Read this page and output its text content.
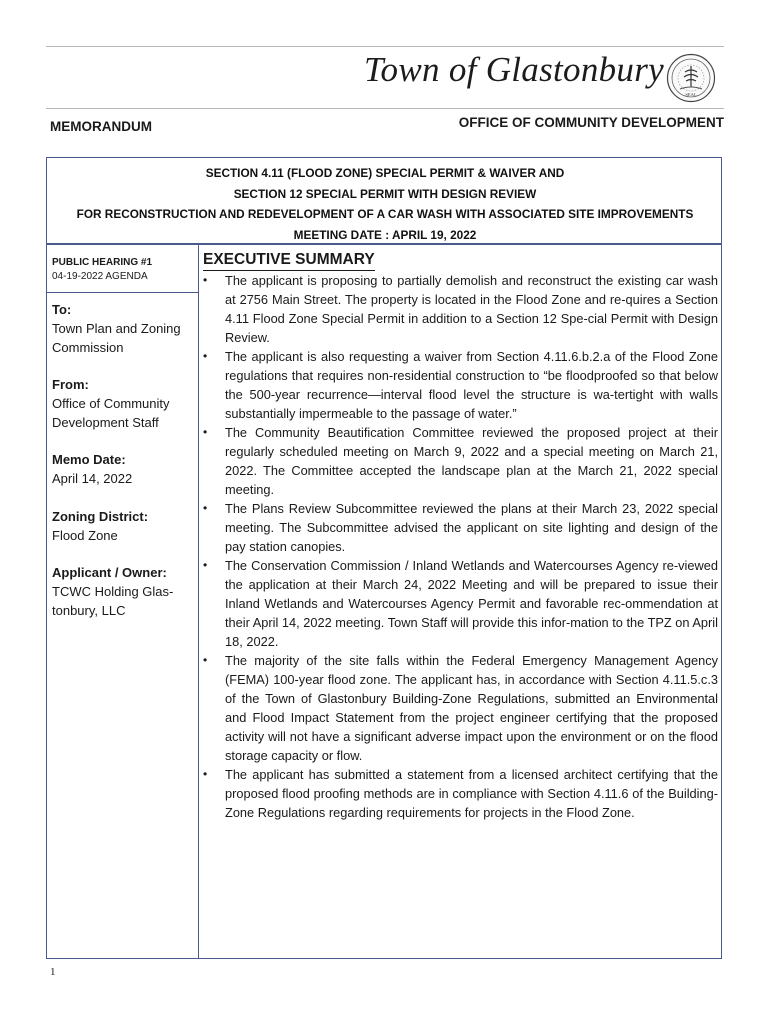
Town of Glastonbury
SEAL
MEMORANDUM	OFFICE OF COMMUNITY DEVELOPMENT
SECTION 4.11 (FLOOD ZONE) SPECIAL PERMIT & WAIVER AND
SECTION 12 SPECIAL PERMIT WITH DESIGN REVIEW
FOR RECONSTRUCTION AND REDEVELOPMENT OF A CAR WASH WITH ASSOCIATED SITE IMPROVEMENTS
MEETING DATE : APRIL 19, 2022
PUBLIC HEARING #1
04-19-2022 AGENDA
To:
Town Plan and Zoning Commission
From:
Office of Community Development Staff
Memo Date:
April 14, 2022
Zoning District:
Flood Zone
Applicant / Owner:
TCWC Holding Glas-tonbury, LLC
EXECUTIVE SUMMARY
• The applicant is proposing to partially demolish and reconstruct the existing car wash at 2756 Main Street. The property is located in the Flood Zone and re-quires a Section 4.11 Flood Zone Special Permit in addition to a Section 12 Spe-cial Permit with Design Review.
• The applicant is also requesting a waiver from Section 4.11.6.b.2.a of the Flood Zone regulations that requires non-residential construction to “be floodproofed so that below the 500-year recurrence—interval flood level the structure is wa-tertight with walls substantially impermeable to the passage of water.”
• The Community Beautification Committee reviewed the proposed project at their regularly scheduled meeting on March 9, 2022 and a special meeting on March 21, 2022. The Committee accepted the landscape plan at the March 21, 2022 special meeting.
• The Plans Review Subcommittee reviewed the plans at their March 23, 2022 special meeting. The Subcommittee advised the applicant on site lighting and design of the pay station canopies.
• The Conservation Commission / Inland Wetlands and Watercourses Agency re-viewed the application at their March 24, 2022 Meeting and will be prepared to issue their Inland Wetlands and Watercourses Agency Permit and favorable rec-ommendation at their April 14, 2022 meeting. Town Staff will provide this infor-mation to the TPZ on April 18, 2022.
• The majority of the site falls within the Federal Emergency Management Agency (FEMA) 100-year flood zone. The applicant has, in accordance with Section 4.11.5.c.3 of the Town of Glastonbury Building-Zone Regulations, submitted an Environmental and Flood Impact Statement from the project engineer certifying that the proposed activity will not have a significant adverse impact upon the environment or on the flood storage capacity or flow.
• The applicant has submitted a statement from a licensed architect certifying that the proposed flood proofing methods are in compliance with Section 4.11.6 of the Building-Zone Regulations regarding requirements for projects in the Flood Zone.
1
